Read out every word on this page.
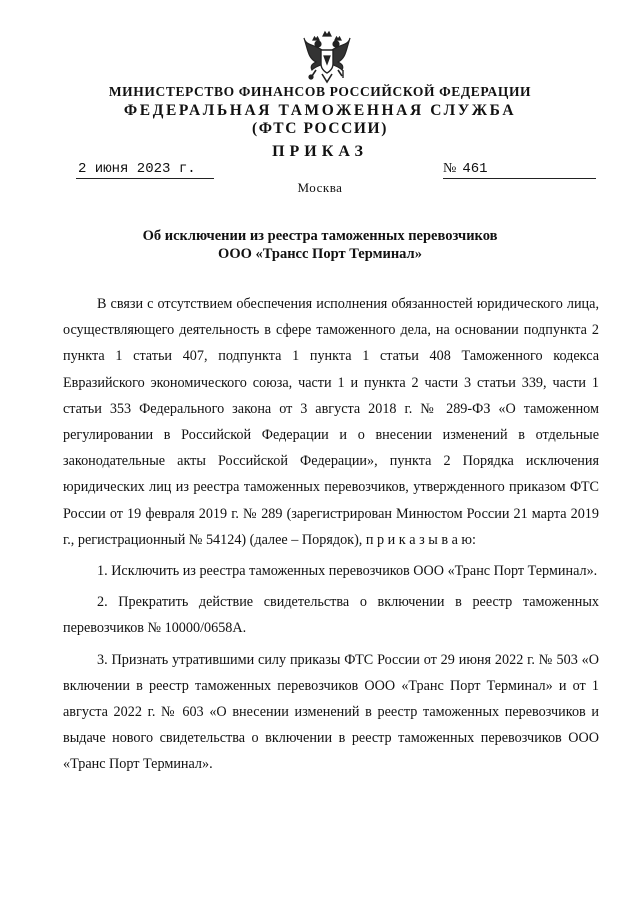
МИНИСТЕРСТВО ФИНАНСОВ РОССИЙСКОЙ ФЕДЕРАЦИИ
ФЕДЕРАЛЬНАЯ ТАМОЖЕННАЯ СЛУЖБА
(ФТС РОССИИ)
ПРИКАЗ
2 июня 2023 г.	№ 461
Москва
Об исключении из реестра таможенных перевозчиков
ООО «Трансс Порт Терминал»

В связи с отсутствием обеспечения исполнения обязанностей юридического лица, осуществляющего деятельность в сфере таможенного дела, на основании подпункта 2 пункта 1 статьи 407, подпункта 1 пункта 1 статьи 408 Таможенного кодекса Евразийского экономического союза, части 1 и пункта 2 части 3 статьи 339, части 1 статьи 353 Федерального закона от 3 августа 2018 г. № 289-ФЗ «О таможенном регулировании в Российской Федерации и о внесении изменений в отдельные законодательные акты Российской Федерации», пункта 2 Порядка исключения юридических лиц из реестра таможенных перевозчиков, утвержденного приказом ФТС России от 19 февраля 2019 г. № 289 (зарегистрирован Минюстом России 21 марта 2019 г., регистрационный № 54124) (далее – Порядок), п р и к а з ы в а ю:

1. Исключить из реестра таможенных перевозчиков ООО «Транс Порт Терминал».

2. Прекратить действие свидетельства о включении в реестр таможенных перевозчиков № 10000/0658А.

3. Признать утратившими силу приказы ФТС России от 29 июня 2022 г. № 503 «О включении в реестр таможенных перевозчиков ООО «Транс Порт Терминал» и от 1 августа 2022 г. № 603 «О внесении изменений в реестр таможенных перевозчиков и выдаче нового свидетельства о включении в реестр таможенных перевозчиков ООО «Транс Порт Терминал».
